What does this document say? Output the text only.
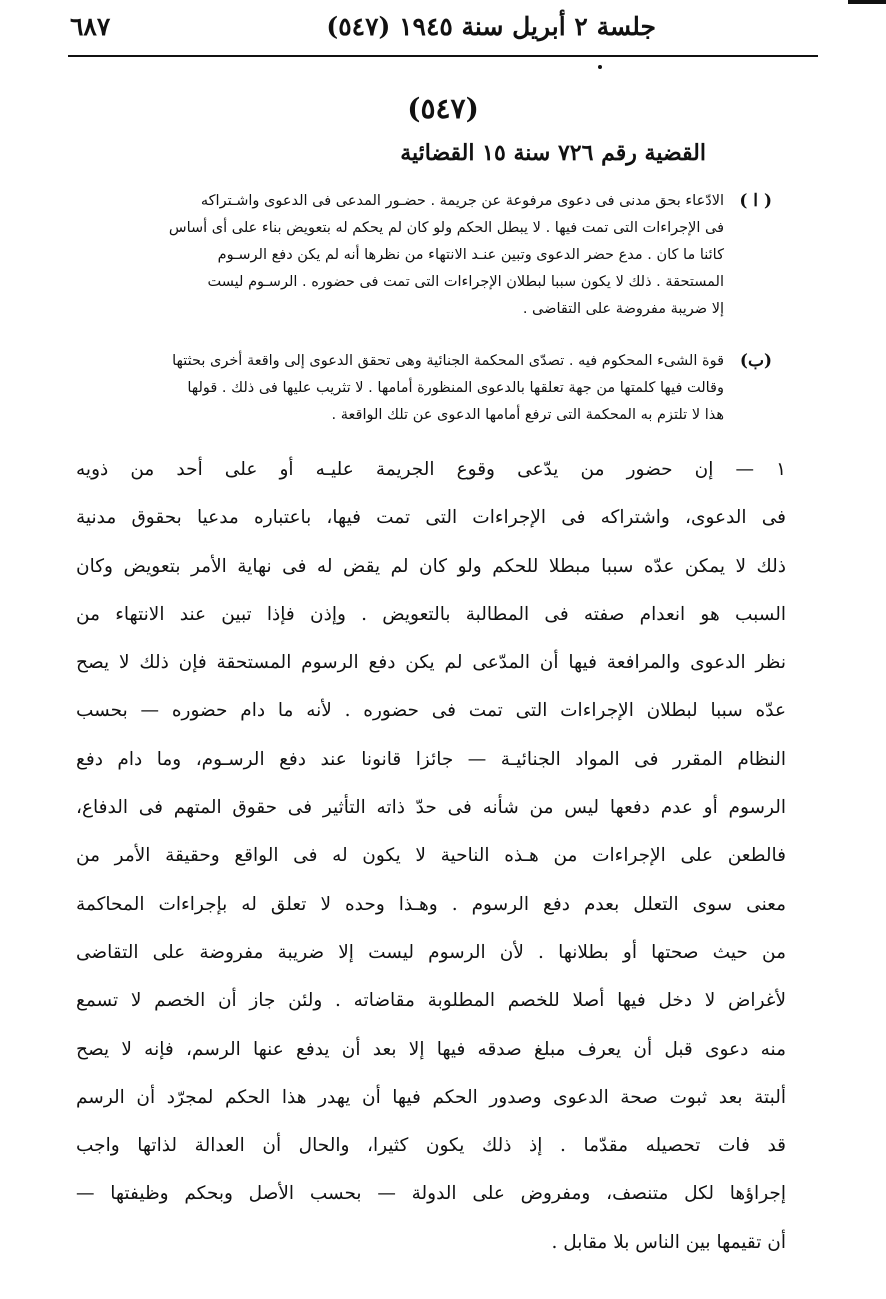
جلسة ٢ أبريل سنة ١٩٤٥ (٥٤٧)
٦٨٧
(٥٤٧)
القضية رقم ٧٢٦ سنة ١٥ القضائية
( ا )
الادّعاء بحق مدنى فى دعوى مرفوعة عن جريمة . حضـور المدعى فى الدعوى واشـتراكه
فى الإجراءات التى تمت فيها . لا يبطل الحكم ولو كان لم يحكم له بتعويض بناء على أى أساس
كائنا ما كان . مدع حضر الدعوى وتبين عنـد الانتهاء من نظرها أنه لم يكن دفع الرسـوم
المستحقة . ذلك لا يكون سببا لبطلان الإجراءات التى تمت فى حضوره . الرسـوم ليست
إلا ضريبة مفروضة على التقاضى .
(ب)
قوة الشىء المحكوم فيه . تصدّى المحكمة الجنائية وهى تحقق الدعوى إلى واقعة أخرى بحثتها
وقالت فيها كلمتها من جهة تعلقها بالدعوى المنظورة أمامها . لا تثريب عليها فى ذلك . قولها
هذا لا تلتزم به المحكمة التى ترفع أمامها الدعوى عن تلك الواقعة .
١ — إن حضور من يدّعى وقوع الجريمة عليـه أو على أحد من ذويه
فى الدعوى، واشتراكه فى الإجراءات التى تمت فيها، باعتباره مدعيا بحقوق مدنية
ذلك لا يمكن عدّه سببا مبطلا للحكم ولو كان لم يقض له فى نهاية الأمر بتعويض وكان
السبب هو انعدام صفته فى المطالبة بالتعويض . وإذن فإذا تبين عند الانتهاء من
نظر الدعوى والمرافعة فيها أن المدّعى لم يكن دفع الرسوم المستحقة فإن ذلك لا يصح
عدّه سببا لبطلان الإجراءات التى تمت فى حضوره . لأنه ما دام حضوره — بحسب
النظام المقرر فى المواد الجنائيـة — جائزا قانونا عند دفع الرسـوم، وما دام دفع
الرسوم أو عدم دفعها ليس من شأنه فى حدّ ذاته التأثير فى حقوق المتهم فى الدفاع،
فالطعن على الإجراءات من هـذه الناحية لا يكون له فى الواقع وحقيقة الأمر من
معنى سوى التعلل بعدم دفع الرسوم . وهـذا وحده لا تعلق له بإجراءات المحاكمة
من حيث صحتها أو بطلانها . لأن الرسوم ليست إلا ضريبة مفروضة على التقاضى
لأغراض لا دخل فيها أصلا للخصم المطلوبة مقاضاته . ولئن جاز أن الخصم لا تسمع
منه دعوى قبل أن يعرف مبلغ صدقه فيها إلا بعد أن يدفع عنها الرسم، فإنه لا يصح
ألبتة بعد ثبوت صحة الدعوى وصدور الحكم فيها أن يهدر هذا الحكم لمجرّد أن الرسم
قد فات تحصيله مقدّما . إذ ذلك يكون كثيرا، والحال أن العدالة لذاتها واجب
إجراؤها لكل متنصف، ومفروض على الدولة — بحسب الأصل وبحكم وظيفتها —
أن تقيمها بين الناس بلا مقابل .
